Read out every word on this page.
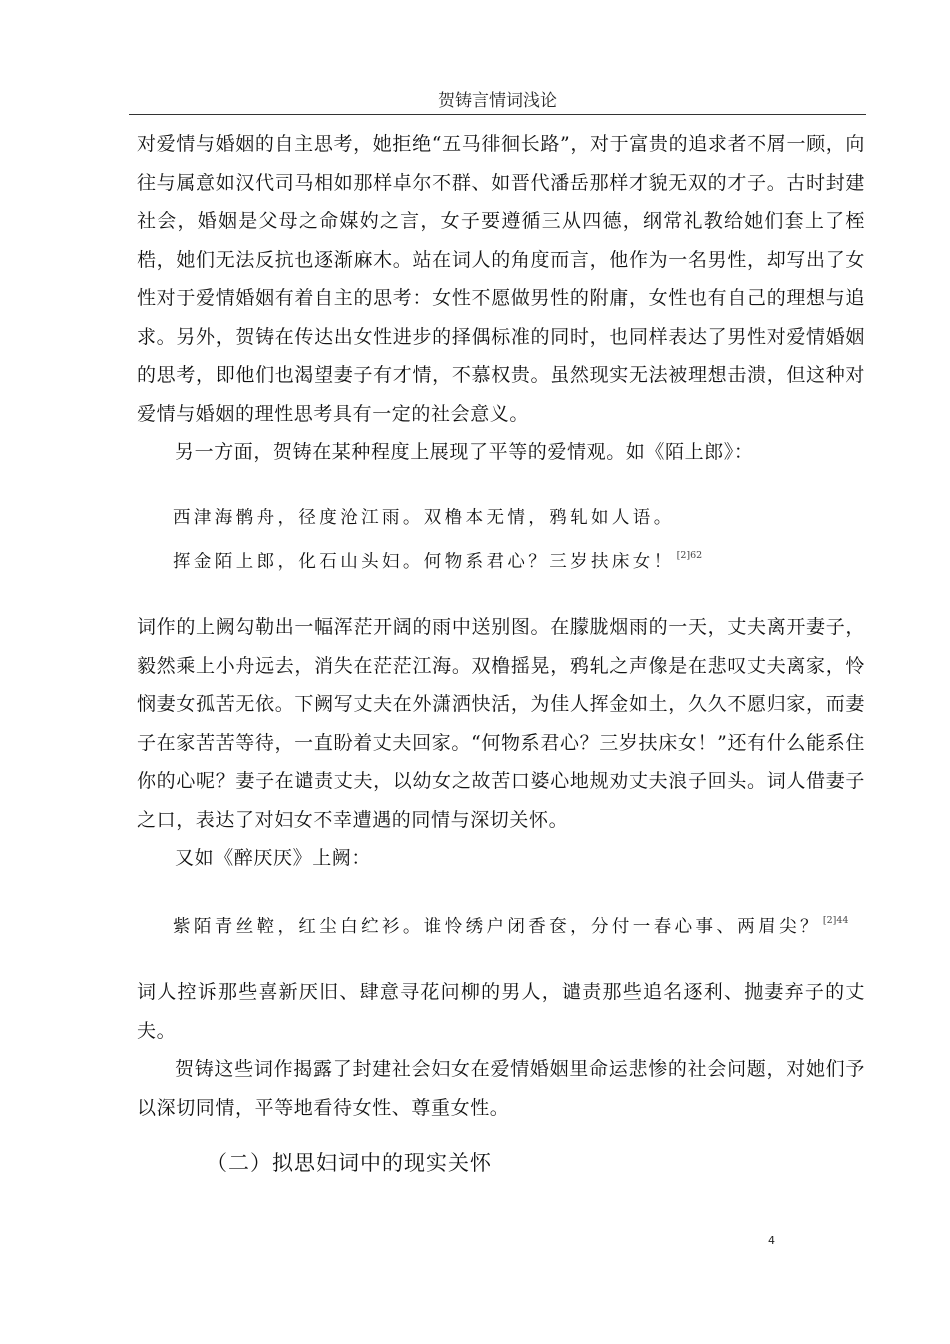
贺铸言情词浅论

对爱情与婚姻的自主思考，她拒绝“五马徘徊长路”，对于富贵的追求者不屑一顾，向往与属意如汉代司马相如那样卓尔不群、如晋代潘岳那样才貌无双的才子。古时封建社会，婚姻是父母之命媒妁之言，女子要遵循三从四德，纲常礼教给她们套上了桎梏，她们无法反抗也逐渐麻木。站在词人的角度而言，他作为一名男性，却写出了女性对于爱情婚姻有着自主的思考：女性不愿做男性的附庸，女性也有自己的理想与追求。另外，贺铸在传达出女性进步的择偶标准的同时，也同样表达了男性对爱情婚姻的思考，即他们也渴望妻子有才情，不慕权贵。虽然现实无法被理想击溃，但这种对爱情与婚姻的理性思考具有一定的社会意义。

另一方面，贺铸在某种程度上展现了平等的爱情观。如《陌上郎》：

西津海鹘舟，径度沧江雨。双橹本无情，鸦轧如人语。
挥金陌上郎，化石山头妇。何物系君心？三岁扶床女！ $^{[2]62}$

词作的上阙勾勒出一幅浑茫开阔的雨中送别图。在朦胧烟雨的一天，丈夫离开妻子，毅然乘上小舟远去，消失在茫茫江海。双橹摇晃，鸦轧之声像是在悲叹丈夫离家，怜悯妻女孤苦无依。下阙写丈夫在外潇洒快活，为佳人挥金如土，久久不愿归家，而妻子在家苦苦等待，一直盼着丈夫回家。“何物系君心？三岁扶床女！”还有什么能系住你的心呢？妻子在谴责丈夫，以幼女之故苦口婆心地规劝丈夫浪子回头。词人借妻子之口，表达了对妇女不幸遭遇的同情与深切关怀。

又如《醉厌厌》上阙：

紫陌青丝鞚，红尘白纻衫。谁怜绣户闭香奁，分付一春心事、两眉尖？ $^{[2]44}$

词人控诉那些喜新厌旧、肆意寻花问柳的男人，谴责那些追名逐利、抛妻弃子的丈夫。

贺铸这些词作揭露了封建社会妇女在爱情婚姻里命运悲惨的社会问题，对她们予以深切同情，平等地看待女性、尊重女性。

（二）拟思妇词中的现实关怀
4
